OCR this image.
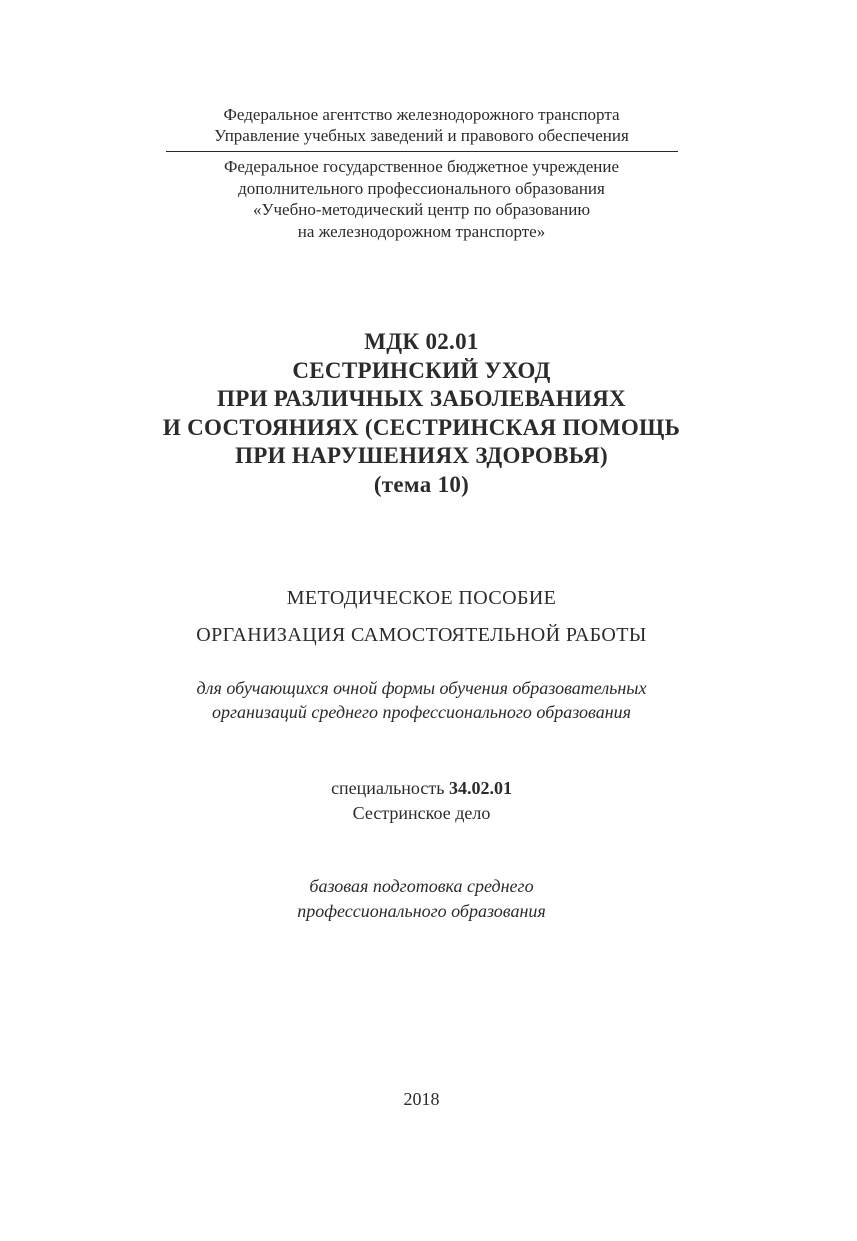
Федеральное агентство железнодорожного транспорта
Управление учебных заведений и правового обеспечения
Федеральное государственное бюджетное учреждение
дополнительного профессионального образования
«Учебно-методический центр по образованию
на железнодорожном транспорте»
МДК 02.01
СЕСТРИНСКИЙ УХОД
ПРИ РАЗЛИЧНЫХ ЗАБОЛЕВАНИЯХ
И СОСТОЯНИЯХ (СЕСТРИНСКАЯ ПОМОЩЬ
ПРИ НАРУШЕНИЯХ ЗДОРОВЬЯ)
(тема 10)
МЕТОДИЧЕСКОЕ ПОСОБИЕ
ОРГАНИЗАЦИЯ САМОСТОЯТЕЛЬНОЙ РАБОТЫ
для обучающихся очной формы обучения образовательных
организаций среднего профессионального образования
специальность 34.02.01
Сестринское дело
базовая подготовка среднего
профессионального образования
2018
